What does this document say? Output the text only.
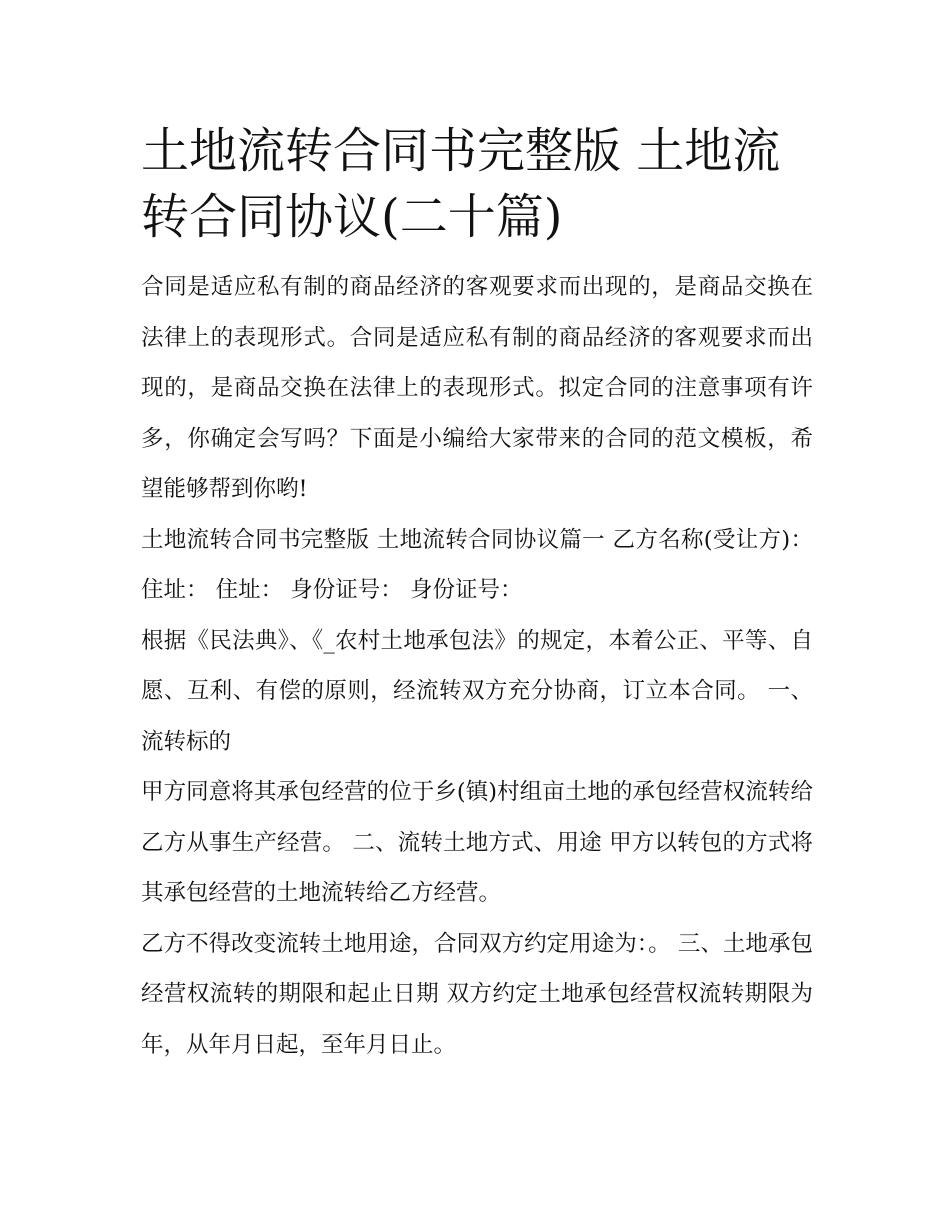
土地流转合同书完整版 土地流转合同协议(二十篇)

合同是适应私有制的商品经济的客观要求而出现的，是商品交换在法律上的表现形式。合同是适应私有制的商品经济的客观要求而出现的，是商品交换在法律上的表现形式。拟定合同的注意事项有许多，你确定会写吗？下面是小编给大家带来的合同的范文模板，希望能够帮到你哟!

土地流转合同书完整版 土地流转合同协议篇一 乙方名称(受让方)： 住址： 住址： 身份证号： 身份证号：

根据《民法典》、《_农村土地承包法》的规定，本着公正、平等、自愿、互利、有偿的原则，经流转双方充分协商，订立本合同。 一、流转标的

甲方同意将其承包经营的位于乡(镇)村组亩土地的承包经营权流转给乙方从事生产经营。 二、流转土地方式、用途 甲方以转包的方式将其承包经营的土地流转给乙方经营。

乙方不得改变流转土地用途，合同双方约定用途为：。 三、土地承包经营权流转的期限和起止日期 双方约定土地承包经营权流转期限为年，从年月日起，至年月日止。
